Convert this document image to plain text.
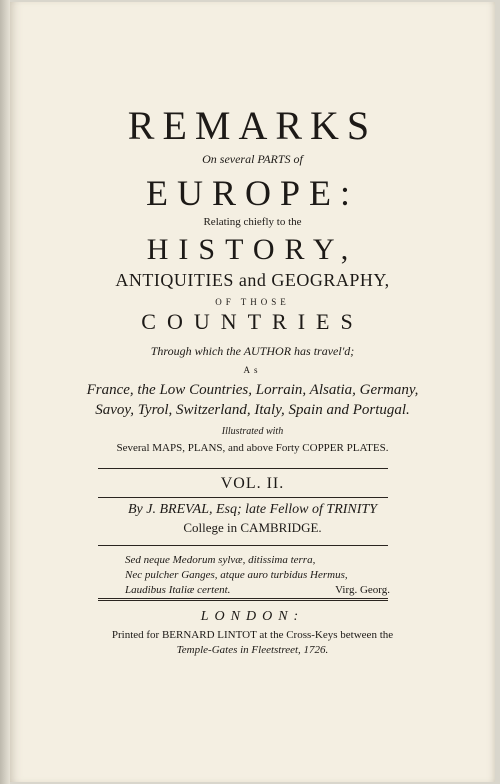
REMARKS
On several PARTS of
EUROPE:
Relating chiefly to the
HISTORY,
ANTIQUITIES and GEOGRAPHY,
OF THOSE
COUNTRIES
Through which the AUTHOR has travel'd;
As
France, the Low Countries, Lorrain, Alsatia, Germany,
Savoy, Tyrol, Switzerland, Italy, Spain and Portugal.
Illustrated with
Several MAPS, PLANS, and above Forty COPPER PLATES.
VOL. II.
By J. BREVAL, Esq; late Fellow of TRINITY
College in CAMBRIDGE.
Sed neque Medorum sylvæ, ditissima terra,
Nec pulcher Ganges, atque auro turbidus Hermus,
Laudibus Italiæ certent.	Virg. Georg.
LONDON:
Printed for BERNARD LINTOT at the Cross-Keys between the
Temple-Gates in Fleetstreet, 1726.
